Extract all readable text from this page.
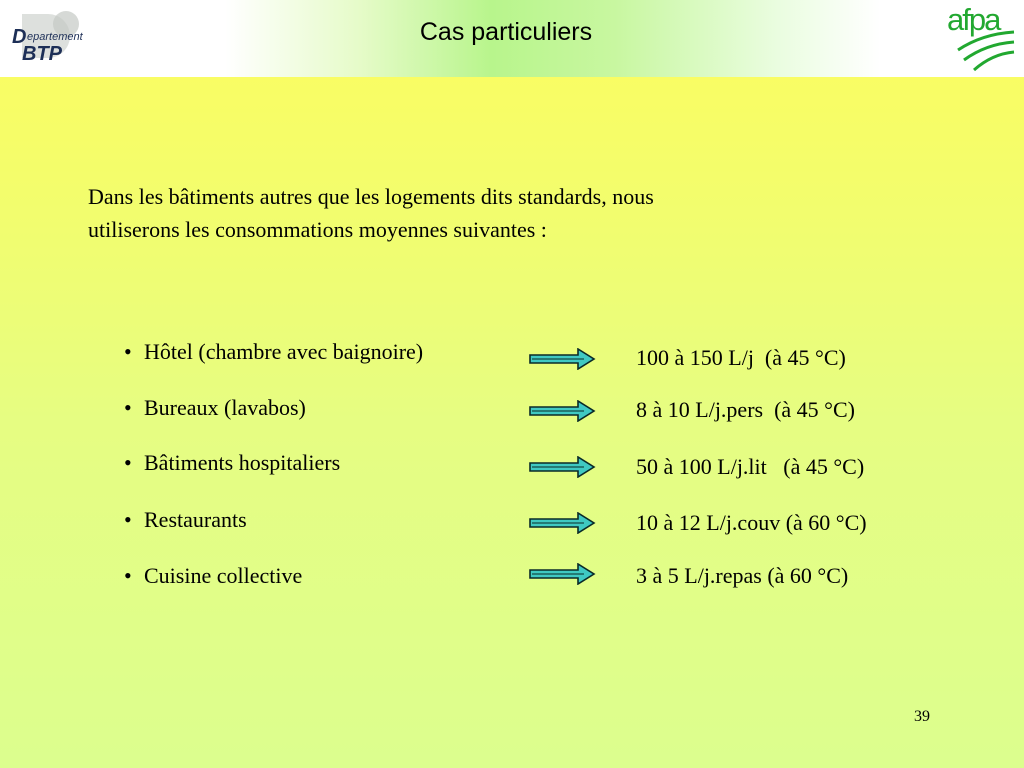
D epartement
BTP
Cas particuliers	afpa
Dans les bâtiments autres que les logements dits standards, nous
utiliserons les consommations moyennes suivantes :
• Hôtel (chambre avec baignoire)	100 à 150 L/j  (à 45 °C)
• Bureaux (lavabos)	8 à 10 L/j.pers  (à 45 °C)
• Bâtiments hospitaliers	50 à 100 L/j.lit   (à 45 °C)
• Restaurants	10 à 12 L/j.couv (à 60 °C)
• Cuisine collective	3 à 5 L/j.repas (à 60 °C)
39
